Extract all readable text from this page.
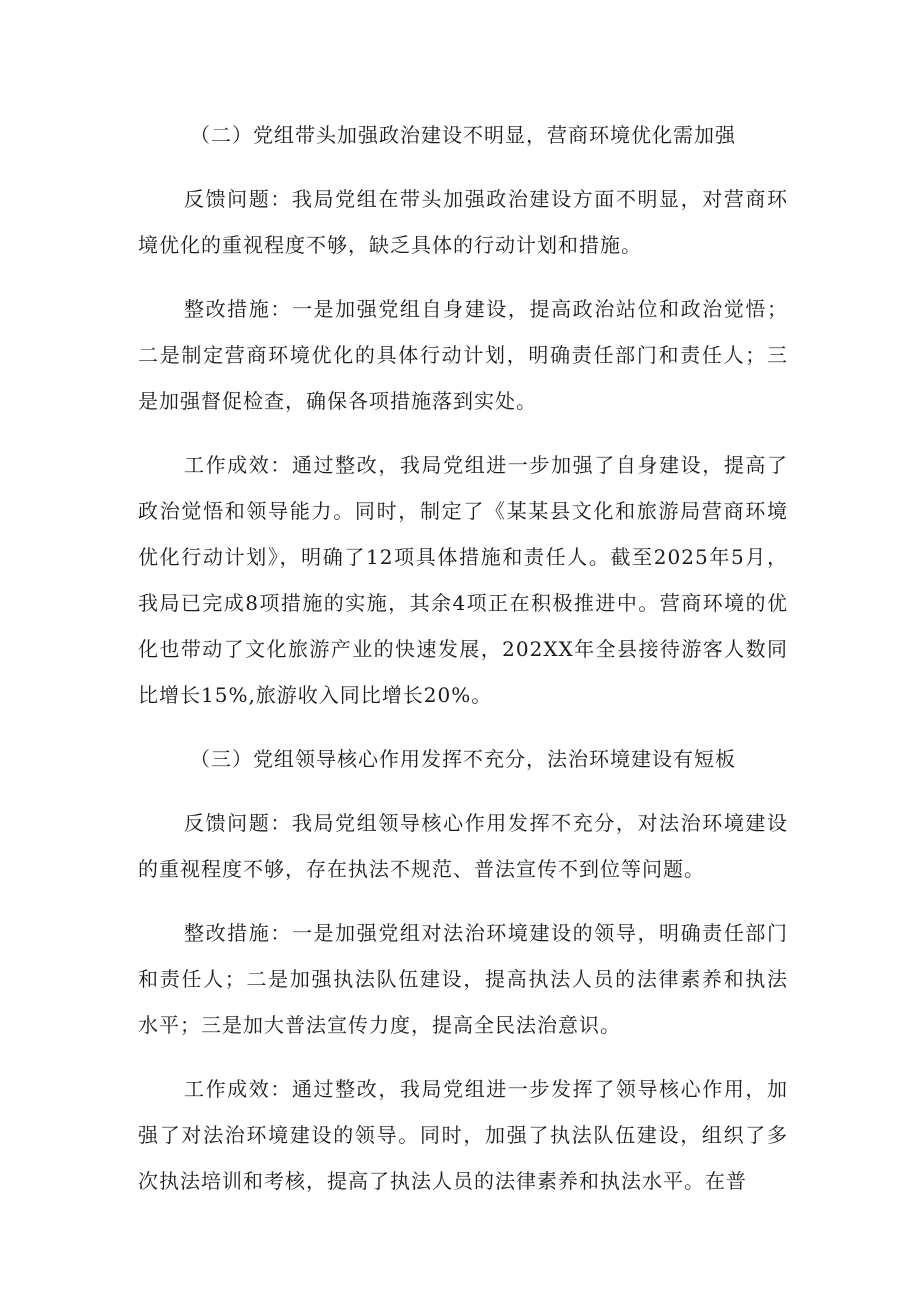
（二）党组带头加强政治建设不明显，营商环境优化需加强

反馈问题：我局党组在带头加强政治建设方面不明显，对营商环境优化的重视程度不够，缺乏具体的行动计划和措施。

整改措施：一是加强党组自身建设，提高政治站位和政治觉悟；二是制定营商环境优化的具体行动计划，明确责任部门和责任人；三是加强督促检查，确保各项措施落到实处。

工作成效：通过整改，我局党组进一步加强了自身建设，提高了政治觉悟和领导能力。同时，制定了《某某县文化和旅游局营商环境优化行动计划》，明确了12项具体措施和责任人。截至2025年5月，我局已完成8项措施的实施，其余4项正在积极推进中。营商环境的优化也带动了文化旅游产业的快速发展，202XX年全县接待游客人数同比增长15%,旅游收入同比增长20%。

（三）党组领导核心作用发挥不充分，法治环境建设有短板

反馈问题：我局党组领导核心作用发挥不充分，对法治环境建设的重视程度不够，存在执法不规范、普法宣传不到位等问题。

整改措施：一是加强党组对法治环境建设的领导，明确责任部门和责任人；二是加强执法队伍建设，提高执法人员的法律素养和执法水平；三是加大普法宣传力度，提高全民法治意识。

工作成效：通过整改，我局党组进一步发挥了领导核心作用，加强了对法治环境建设的领导。同时，加强了执法队伍建设，组织了多次执法培训和考核，提高了执法人员的法律素养和执法水平。在普
